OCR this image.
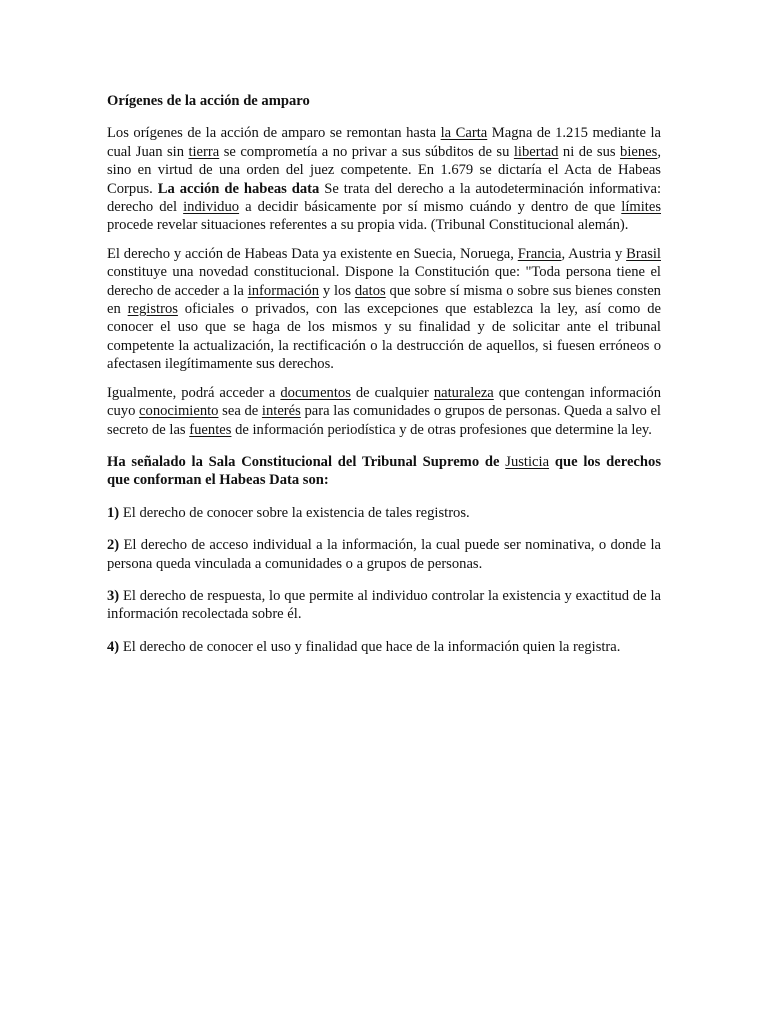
Orígenes de la acción de amparo

Los orígenes de la acción de amparo se remontan hasta la Carta Magna de 1.215 mediante la cual Juan sin tierra se comprometía a no privar a sus súbditos de su libertad ni de sus bienes, sino en virtud de una orden del juez competente. En 1.679 se dictaría el Acta de Habeas Corpus. La acción de habeas data Se trata del derecho a la autodeterminación informativa: derecho del individuo a decidir básicamente por sí mismo cuándo y dentro de que límites procede revelar situaciones referentes a su propia vida. (Tribunal Constitucional alemán).

El derecho y acción de Habeas Data ya existente en Suecia, Noruega, Francia, Austria y Brasil constituye una novedad constitucional. Dispone la Constitución que: "Toda persona tiene el derecho de acceder a la información y los datos que sobre sí misma o sobre sus bienes consten en registros oficiales o privados, con las excepciones que establezca la ley, así como de conocer el uso que se haga de los mismos y su finalidad y de solicitar ante el tribunal competente la actualización, la rectificación o la destrucción de aquellos, si fuesen erróneos o afectasen ilegítimamente sus derechos.

Igualmente, podrá acceder a documentos de cualquier naturaleza que contengan información cuyo conocimiento sea de interés para las comunidades o grupos de personas. Queda a salvo el secreto de las fuentes de información periodística y de otras profesiones que determine la ley.

Ha señalado la Sala Constitucional del Tribunal Supremo de Justicia que los derechos que conforman el Habeas Data son:

1) El derecho de conocer sobre la existencia de tales registros.

2) El derecho de acceso individual a la información, la cual puede ser nominativa, o donde la persona queda vinculada a comunidades o a grupos de personas.

3) El derecho de respuesta, lo que permite al individuo controlar la existencia y exactitud de la información recolectada sobre él.

4) El derecho de conocer el uso y finalidad que hace de la información quien la registra.
